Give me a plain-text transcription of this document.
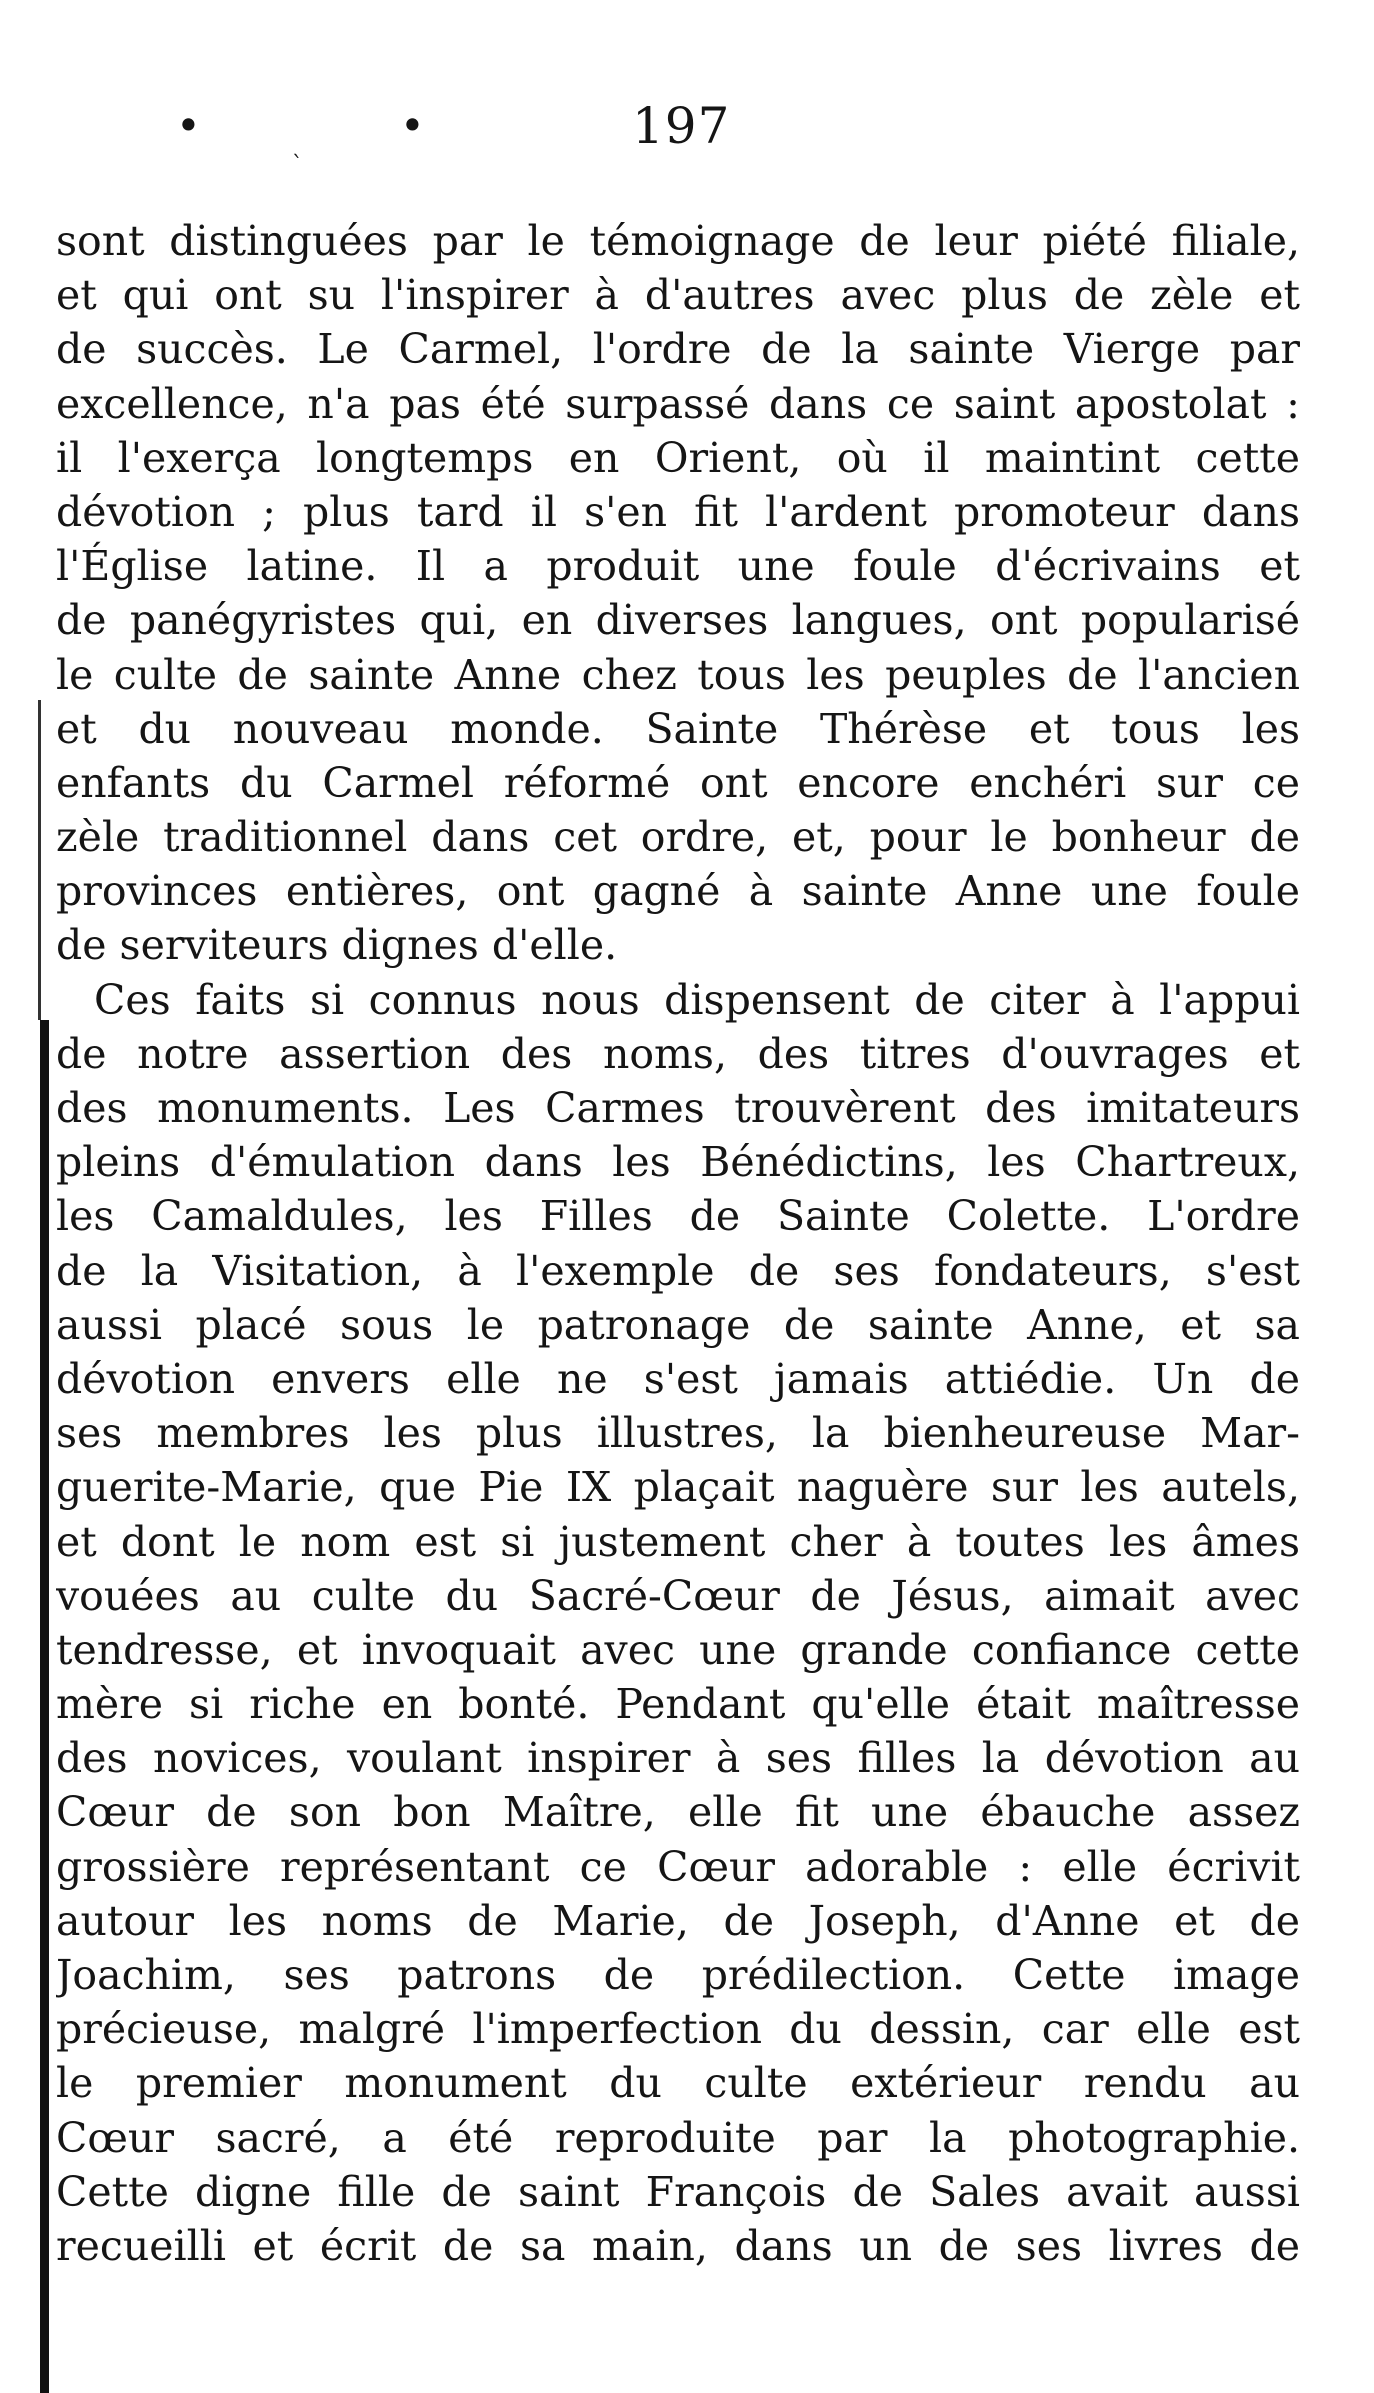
•	•
`
197
sont distinguées par le témoignage de leur piété filiale,
et qui ont su l'inspirer à d'autres avec plus de zèle et
de succès. Le Carmel, l'ordre de la sainte Vierge par
excellence, n'a pas été surpassé dans ce saint apostolat :
il l'exerça longtemps en Orient, où il maintint cette
dévotion ; plus tard il s'en fit l'ardent promoteur dans
l'Église latine. Il a produit une foule d'écrivains et
de panégyristes qui, en diverses langues, ont popularisé
le culte de sainte Anne chez tous les peuples de l'ancien
et du nouveau monde. Sainte Thérèse et tous les
enfants du Carmel réformé ont encore enchéri sur ce
zèle traditionnel dans cet ordre, et, pour le bonheur de
provinces entières, ont gagné à sainte Anne une foule
de serviteurs dignes d'elle.
Ces faits si connus nous dispensent de citer à l'appui
de notre assertion des noms, des titres d'ouvrages et
des monuments. Les Carmes trouvèrent des imitateurs
pleins d'émulation dans les Bénédictins, les Chartreux,
les Camaldules, les Filles de Sainte Colette. L'ordre
de la Visitation, à l'exemple de ses fondateurs, s'est
aussi placé sous le patronage de sainte Anne, et sa
dévotion envers elle ne s'est jamais attiédie. Un de
ses membres les plus illustres, la bienheureuse Mar-
guerite-Marie, que Pie IX plaçait naguère sur les autels,
et dont le nom est si justement cher à toutes les âmes
vouées au culte du Sacré-Cœur de Jésus, aimait avec
tendresse, et invoquait avec une grande confiance cette
mère si riche en bonté. Pendant qu'elle était maîtresse
des novices, voulant inspirer à ses filles la dévotion au
Cœur de son bon Maître, elle fit une ébauche assez
grossière représentant ce Cœur adorable : elle écrivit
autour les noms de Marie, de Joseph, d'Anne et de
Joachim, ses patrons de prédilection. Cette image
précieuse, malgré l'imperfection du dessin, car elle est
le premier monument du culte extérieur rendu au
Cœur sacré, a été reproduite par la photographie.
Cette digne fille de saint François de Sales avait aussi
recueilli et écrit de sa main, dans un de ses livres de
